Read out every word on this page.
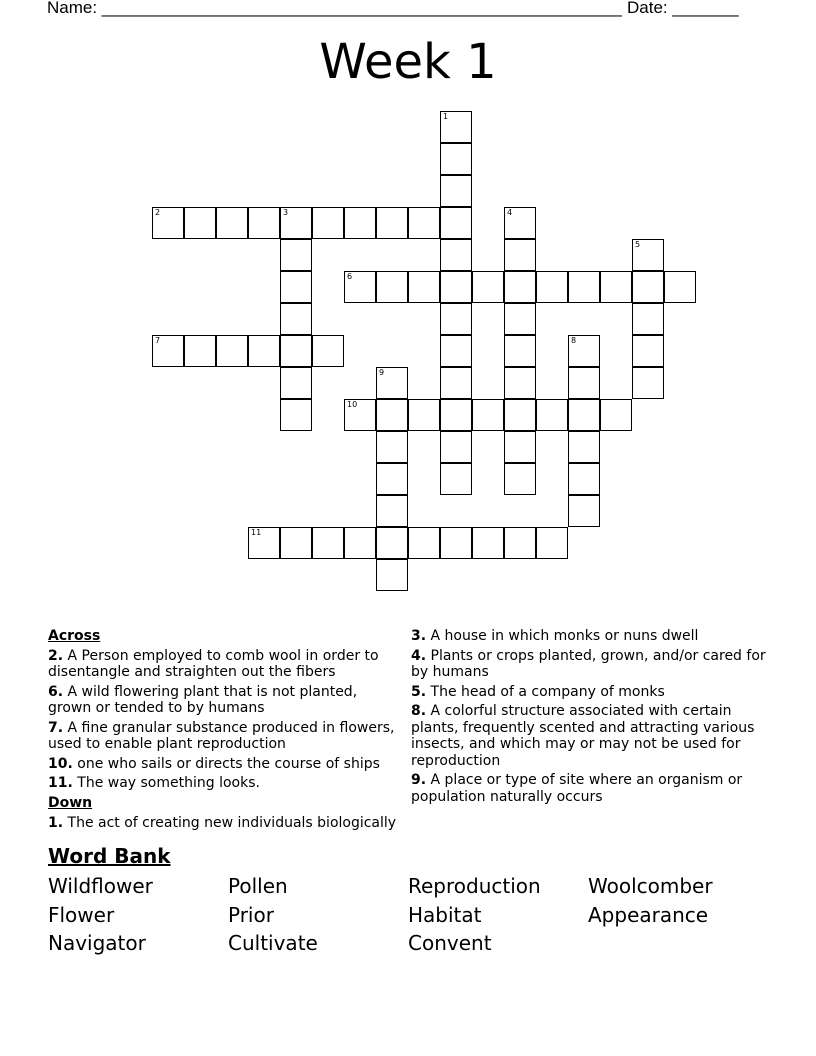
Name: _______________________________________________________ Date: _______
Week 1
1
2	3	4
5
6
7	8
9
10
11
Across
2. A Person employed to comb wool in order to disentangle and straighten out the fibers
6. A wild flowering plant that is not planted, grown or tended to by humans
7. A fine granular substance produced in flowers, used to enable plant reproduction
10. one who sails or directs the course of ships
11. The way something looks.
Down
1. The act of creating new individuals biologically
3. A house in which monks or nuns dwell
4. Plants or crops planted, grown, and/or cared for by humans
5. The head of a company of monks
8. A colorful structure associated with certain plants, frequently scented and attracting various insects, and which may or may not be used for reproduction
9. A place or type of site where an organism or population naturally occurs
Word Bank
Wildflower
Flower
Navigator
Pollen
Prior
Cultivate
Reproduction
Habitat
Convent
Woolcomber
Appearance
